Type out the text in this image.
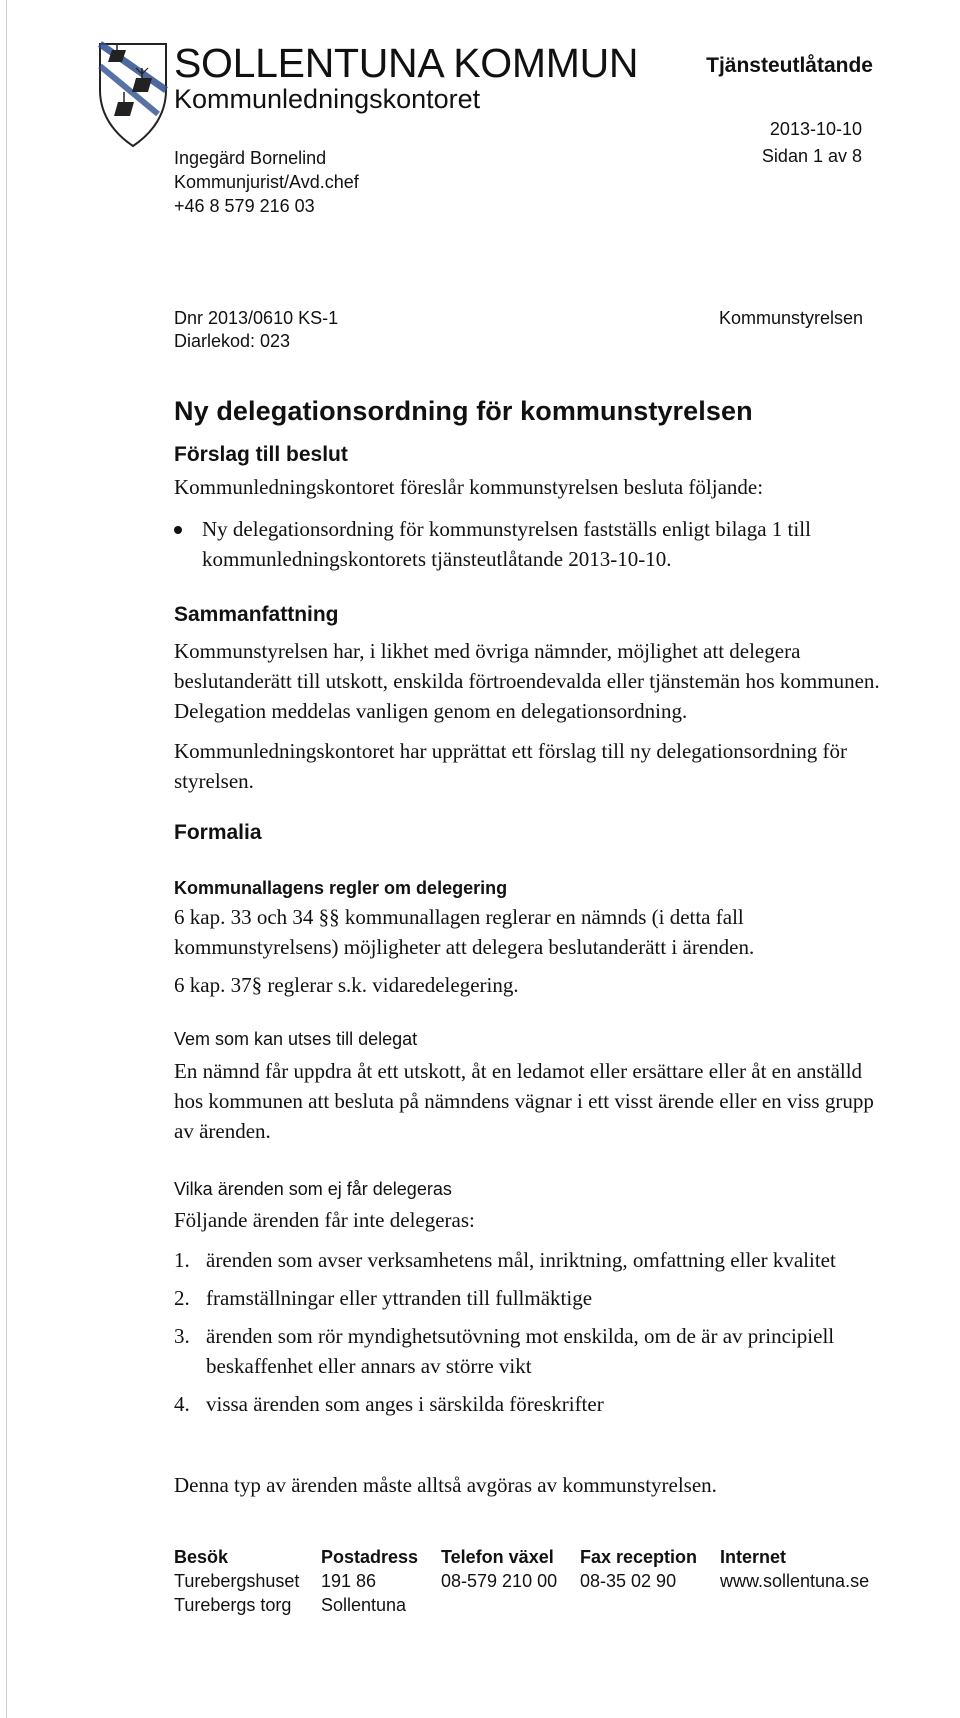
SOLLENTUNA KOMMUN
Kommunledningskontoret
Tjänsteutlåtande
2013-10-10
Sidan 1 av 8
Ingegärd Bornelind
Kommunjurist/Avd.chef
+46 8 579 216 03
Dnr 2013/0610 KS-1
Diarlekod: 023
Kommunstyrelsen
Ny delegationsordning för kommunstyrelsen
Förslag till beslut
Kommunledningskontoret föreslår kommunstyrelsen besluta följande:
Ny delegationsordning för kommunstyrelsen fastställs enligt bilaga 1 till kommunledningskontorets tjänsteutlåtande 2013-10-10.
Sammanfattning
Kommunstyrelsen har, i likhet med övriga nämnder, möjlighet att delegera beslutanderätt till utskott, enskilda förtroendevalda eller tjänstemän hos kommunen. Delegation meddelas vanligen genom en delegationsordning.
Kommunledningskontoret har upprättat ett förslag till ny delegationsordning för styrelsen.
Formalia
Kommunallagens regler om delegering
6 kap. 33 och 34 §§ kommunallagen reglerar en nämnds (i detta fall kommunstyrelsens) möjligheter att delegera beslutanderätt i ärenden.
6 kap. 37§ reglerar s.k. vidaredelegering.
Vem som kan utses till delegat
En nämnd får uppdra åt ett utskott, åt en ledamot eller ersättare eller åt en anställd hos kommunen att besluta på nämndens vägnar i ett visst ärende eller en viss grupp av ärenden.
Vilka ärenden som ej får delegeras
Följande ärenden får inte delegeras:
1. ärenden som avser verksamhetens mål, inriktning, omfattning eller kvalitet
2. framställningar eller yttranden till fullmäktige
3. ärenden som rör myndighetsutövning mot enskilda, om de är av principiell beskaffenhet eller annars av större vikt
4. vissa ärenden som anges i särskilda föreskrifter
Denna typ av ärenden måste alltså avgöras av kommunstyrelsen.
Besök
Turebergshuset
Turebergs torg
Postadress
191 86
Sollentuna
Telefon växel
08-579 210 00
Fax reception
08-35 02 90
Internet
www.sollentuna.se
